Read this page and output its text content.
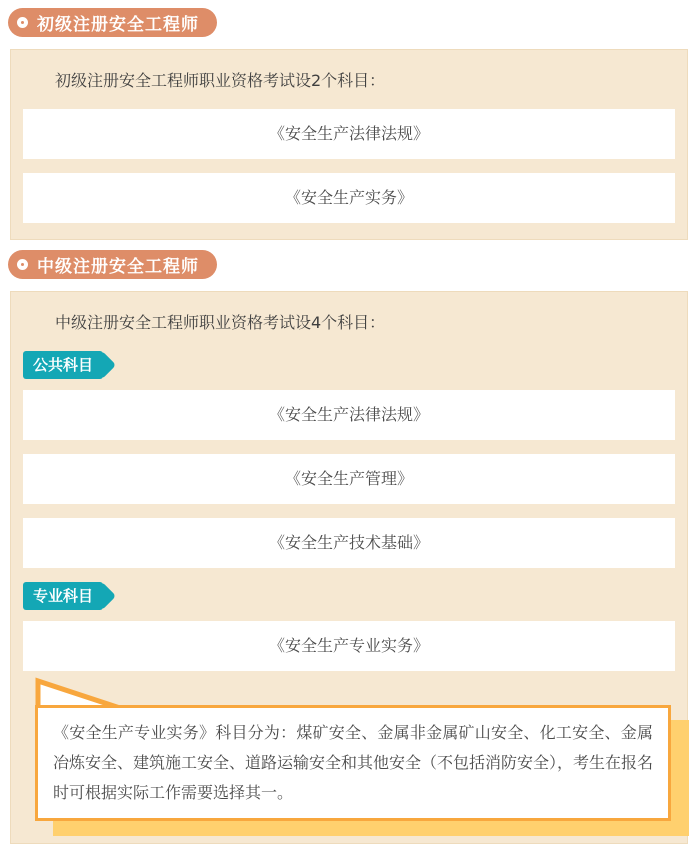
初级注册安全工程师

初级注册安全工程师职业资格考试设2个科目：

《安全生产法律法规》
《安全生产实务》
中级注册安全工程师

中级注册安全工程师职业资格考试设4个科目：

公共科目
《安全生产法律法规》
《安全生产管理》
《安全生产技术基础》
专业科目
《安全生产专业实务》

《安全生产专业实务》科目分为：煤矿安全、金属非金属矿山安全、化工安全、金属冶炼安全、建筑施工安全、道路运输安全和其他安全（不包括消防安全），考生在报名时可根据实际工作需要选择其一。
